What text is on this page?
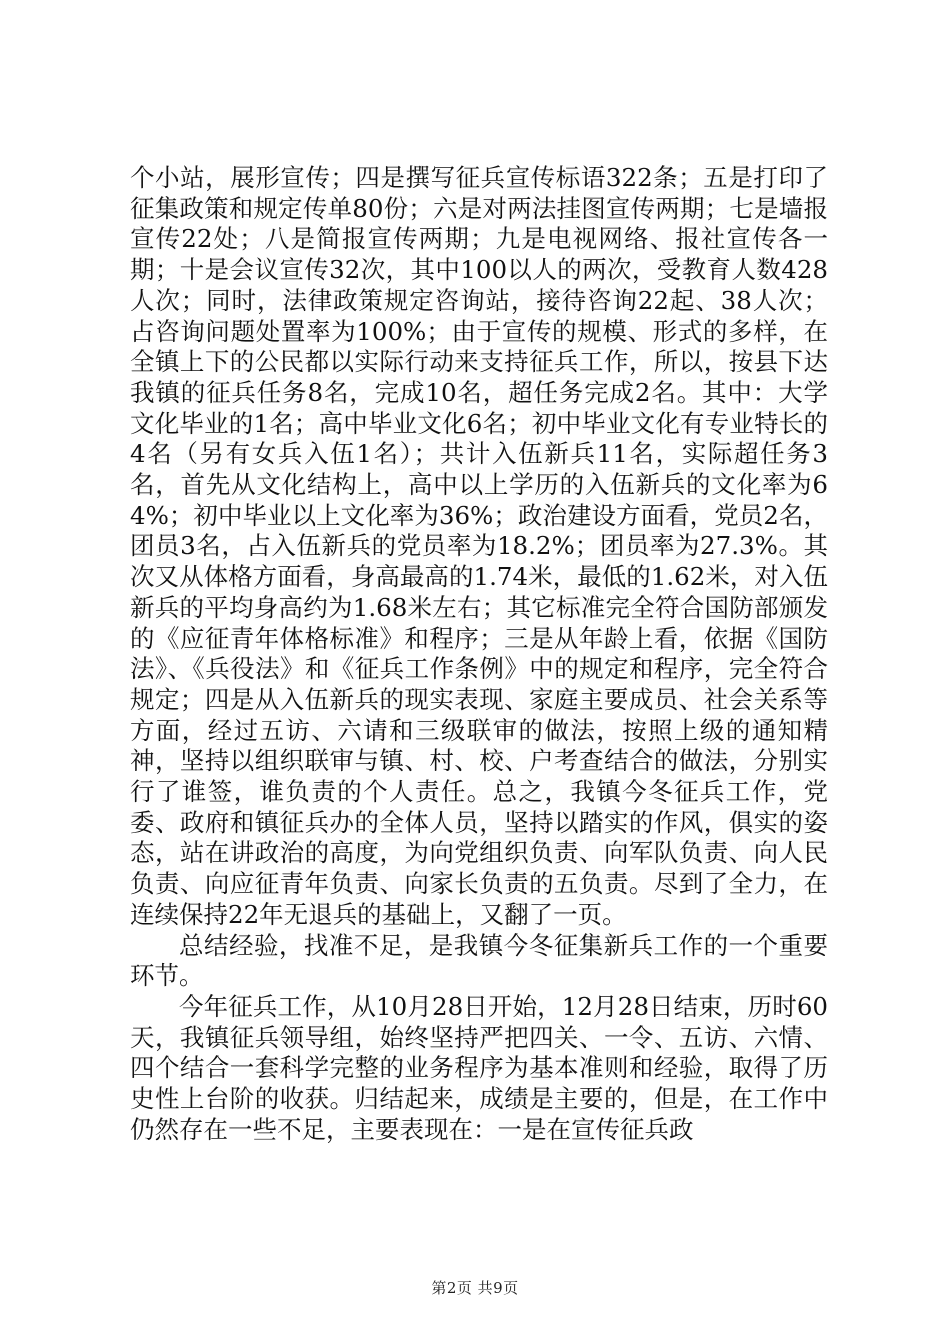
个小站，展形宣传；四是撰写征兵宣传标语322条；五是打印了征集政策和规定传单80份；六是对两法挂图宣传两期；七是墙报宣传22处；八是简报宣传两期；九是电视网络、报社宣传各一期；十是会议宣传32次，其中100以人的两次，受教育人数428人次；同时，法律政策规定咨询站，接待咨询22起、38人次；占咨询问题处置率为100%；由于宣传的规模、形式的多样，在全镇上下的公民都以实际行动来支持征兵工作，所以，按县下达我镇的征兵任务8名，完成10名，超任务完成2名。其中：大学文化毕业的1名；高中毕业文化6名；初中毕业文化有专业特长的4名（另有女兵入伍1名）；共计入伍新兵11名，实际超任务3名，首先从文化结构上，高中以上学历的入伍新兵的文化率为64%；初中毕业以上文化率为36%；政治建设方面看，党员2名，团员3名，占入伍新兵的党员率为18.2%；团员率为27.3%。其次又从体格方面看，身高最高的1.74米，最低的1.62米，对入伍新兵的平均身高约为1.68米左右；其它标准完全符合国防部颁发的《应征青年体格标准》和程序；三是从年龄上看，依据《国防法》、《兵役法》和《征兵工作条例》中的规定和程序，完全符合规定；四是从入伍新兵的现实表现、家庭主要成员、社会关系等方面，经过五访、六请和三级联审的做法，按照上级的通知精神，坚持以组织联审与镇、村、校、户考查结合的做法，分别实行了谁签，谁负责的个人责任。总之，我镇今冬征兵工作，党委、政府和镇征兵办的全体人员，坚持以踏实的作风，俱实的姿态，站在讲政治的高度，为向党组织负责、向军队负责、向人民负责、向应征青年负责、向家长负责的五负责。尽到了全力，在连续保持22年无退兵的基础上，又翻了一页。

总结经验，找准不足，是我镇今冬征集新兵工作的一个重要环节。

今年征兵工作，从10月28日开始，12月28日结束，历时60天，我镇征兵领导组，始终坚持严把四关、一令、五访、六情、四个结合一套科学完整的业务程序为基本准则和经验，取得了历史性上台阶的收获。归结起来，成绩是主要的，但是，在工作中仍然存在一些不足，主要表现在：一是在宣传征兵政

第2页 共9页
